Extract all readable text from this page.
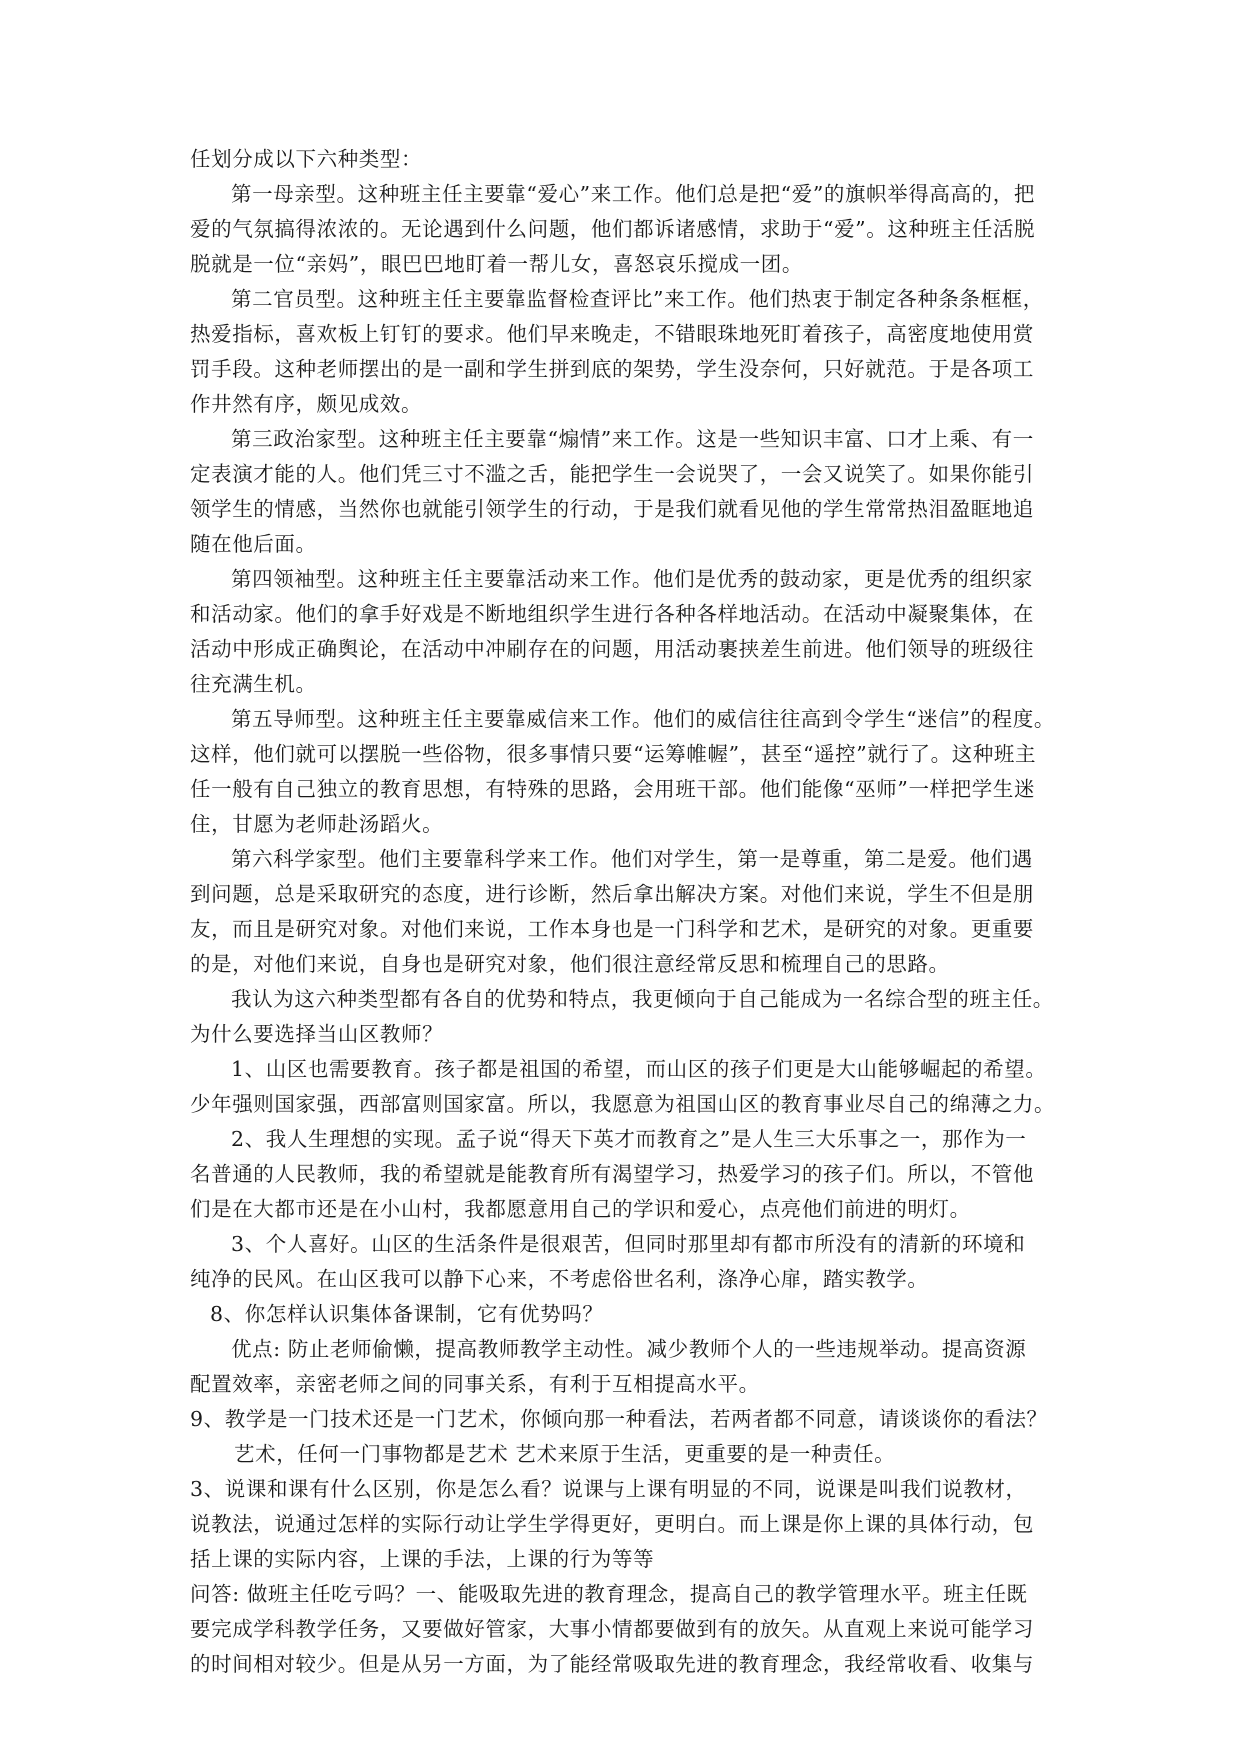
任划分成以下六种类型：
第一母亲型。这种班主任主要靠“爱心”来工作。他们总是把“爱”的旗帜举得高高的，把
爱的气氛搞得浓浓的。无论遇到什么问题，他们都诉诸感情，求助于“爱”。这种班主任活脱
脱就是一位“亲妈”，眼巴巴地盯着一帮儿女，喜怒哀乐搅成一团。
第二官员型。这种班主任主要靠监督检查评比”来工作。他们热衷于制定各种条条框框，
热爱指标，喜欢板上钉钉的要求。他们早来晚走，不错眼珠地死盯着孩子，高密度地使用赏
罚手段。这种老师摆出的是一副和学生拼到底的架势，学生没奈何，只好就范。于是各项工
作井然有序，颇见成效。
第三政治家型。这种班主任主要靠“煽情”来工作。这是一些知识丰富、口才上乘、有一
定表演才能的人。他们凭三寸不滥之舌，能把学生一会说哭了，一会又说笑了。如果你能引
领学生的情感，当然你也就能引领学生的行动，于是我们就看见他的学生常常热泪盈眶地追
随在他后面。
第四领袖型。这种班主任主要靠活动来工作。他们是优秀的鼓动家，更是优秀的组织家
和活动家。他们的拿手好戏是不断地组织学生进行各种各样地活动。在活动中凝聚集体，在
活动中形成正确舆论，在活动中冲刷存在的问题，用活动裹挟差生前进。他们领导的班级往
往充满生机。
第五导师型。这种班主任主要靠威信来工作。他们的威信往往高到令学生“迷信”的程度。
这样，他们就可以摆脱一些俗物，很多事情只要“运筹帷幄”，甚至“遥控”就行了。这种班主
任一般有自己独立的教育思想，有特殊的思路，会用班干部。他们能像“巫师”一样把学生迷
住，甘愿为老师赴汤蹈火。
第六科学家型。他们主要靠科学来工作。他们对学生，第一是尊重，第二是爱。他们遇
到问题，总是采取研究的态度，进行诊断，然后拿出解决方案。对他们来说，学生不但是朋
友，而且是研究对象。对他们来说，工作本身也是一门科学和艺术，是研究的对象。更重要
的是，对他们来说，自身也是研究对象，他们很注意经常反思和梳理自己的思路。
我认为这六种类型都有各自的优势和特点，我更倾向于自己能成为一名综合型的班主任。
为什么要选择当山区教师？
1、山区也需要教育。孩子都是祖国的希望，而山区的孩子们更是大山能够崛起的希望。
少年强则国家强，西部富则国家富。所以，我愿意为祖国山区的教育事业尽自己的绵薄之力。
2、我人生理想的实现。孟子说“得天下英才而教育之”是人生三大乐事之一，那作为一
名普通的人民教师，我的希望就是能教育所有渴望学习，热爱学习的孩子们。所以，不管他
们是在大都市还是在小山村，我都愿意用自己的学识和爱心，点亮他们前进的明灯。
3、个人喜好。山区的生活条件是很艰苦，但同时那里却有都市所没有的清新的环境和
纯净的民风。在山区我可以静下心来，不考虑俗世名利，涤净心扉，踏实教学。
8、你怎样认识集体备课制，它有优势吗？
优点: 防止老师偷懒，提高教师教学主动性。减少教师个人的一些违规举动。提高资源
配置效率，亲密老师之间的同事关系，有利于互相提高水平。
9、教学是一门技术还是一门艺术，你倾向那一种看法，若两者都不同意，请谈谈你的看法？
艺术，任何一门事物都是艺术 艺术来原于生活，更重要的是一种责任。
3、说课和课有什么区别，你是怎么看？说课与上课有明显的不同，说课是叫我们说教材，
说教法，说通过怎样的实际行动让学生学得更好，更明白。而上课是你上课的具体行动，包
括上课的实际内容，上课的手法，上课的行为等等
问答: 做班主任吃亏吗？一、能吸取先进的教育理念，提高自己的教学管理水平。班主任既
要完成学科教学任务，又要做好管家，大事小情都要做到有的放矢。从直观上来说可能学习
的时间相对较少。但是从另一方面，为了能经常吸取先进的教育理念，我经常收看、收集与
